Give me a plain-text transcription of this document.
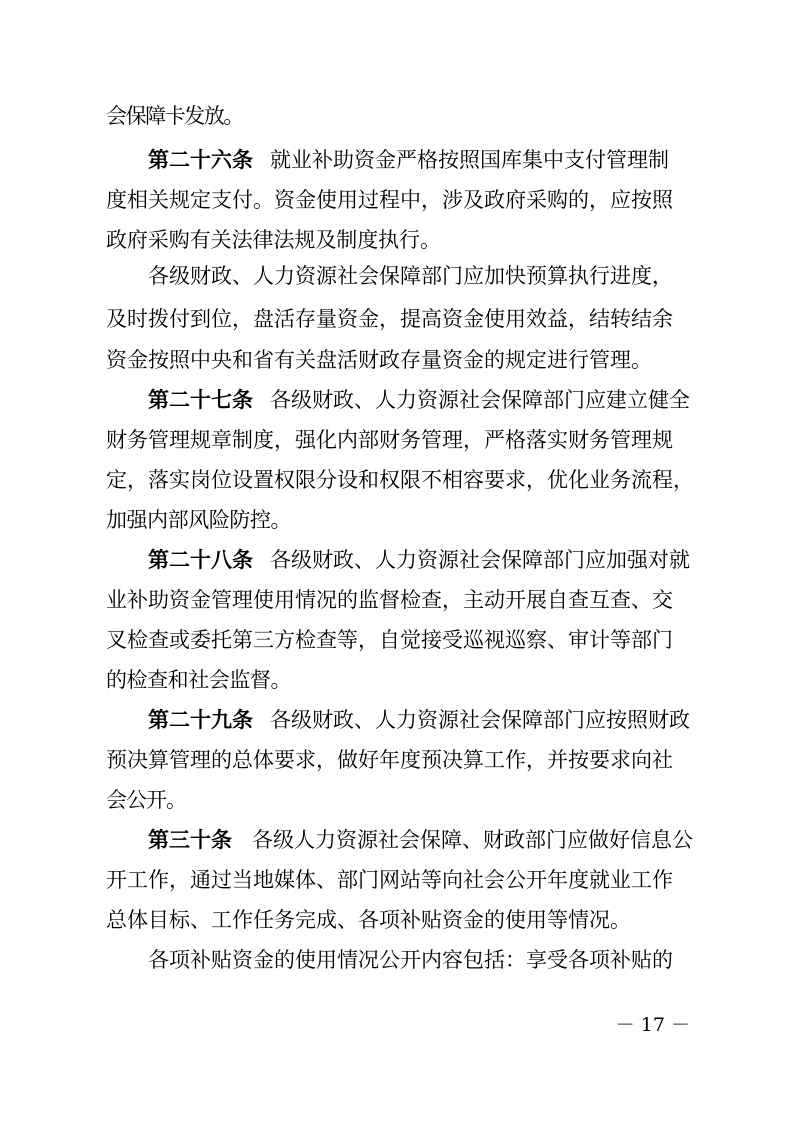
会保障卡发放。
第二十六条 就业补助资金严格按照国库集中支付管理制
度相关规定支付。资金使用过程中，涉及政府采购的，应按照
政府采购有关法律法规及制度执行。
各级财政、人力资源社会保障部门应加快预算执行进度，
及时拨付到位，盘活存量资金，提高资金使用效益，结转结余
资金按照中央和省有关盘活财政存量资金的规定进行管理。
第二十七条 各级财政、人力资源社会保障部门应建立健全
财务管理规章制度，强化内部财务管理，严格落实财务管理规
定，落实岗位设置权限分设和权限不相容要求，优化业务流程，
加强内部风险防控。
第二十八条 各级财政、人力资源社会保障部门应加强对就
业补助资金管理使用情况的监督检查，主动开展自查互查、交
叉检查或委托第三方检查等，自觉接受巡视巡察、审计等部门
的检查和社会监督。
第二十九条 各级财政、人力资源社会保障部门应按照财政
预决算管理的总体要求，做好年度预决算工作，并按要求向社
会公开。
第三十条 各级人力资源社会保障、财政部门应做好信息公
开工作，通过当地媒体、部门网站等向社会公开年度就业工作
总体目标、工作任务完成、各项补贴资金的使用等情况。
各项补贴资金的使用情况公开内容包括：享受各项补贴的
－ 17 －
